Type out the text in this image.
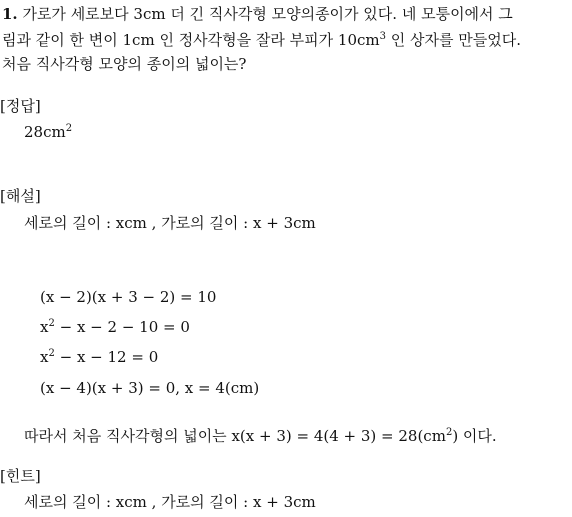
1. 가로가 세로보다 3cm 더 긴 직사각형 모양의종이가 있다. 네 모퉁이에서 그
림과 같이 한 변이 1cm 인 정사각형을 잘라 부피가 $10cm^3$ 인 상자를 만들었다.
처음 직사각형 모양의 종이의 넓이는?
[정답]
$28cm^2$
[해설]
세로의 길이 : xcm , 가로의 길이 : x + 3cm
(x − 2)(x + 3 − 2) = 10
$x^2 - x - 2 - 10 = 0$
$x^2 - x - 12 = 0$
(x − 4)(x + 3) = 0, x = 4(cm)
따라서 처음 직사각형의 넓이는 $x(x + 3) = 4(4 + 3) = 28(cm^2)$ 이다.
[힌트]
세로의 길이 : xcm , 가로의 길이 : x + 3cm
